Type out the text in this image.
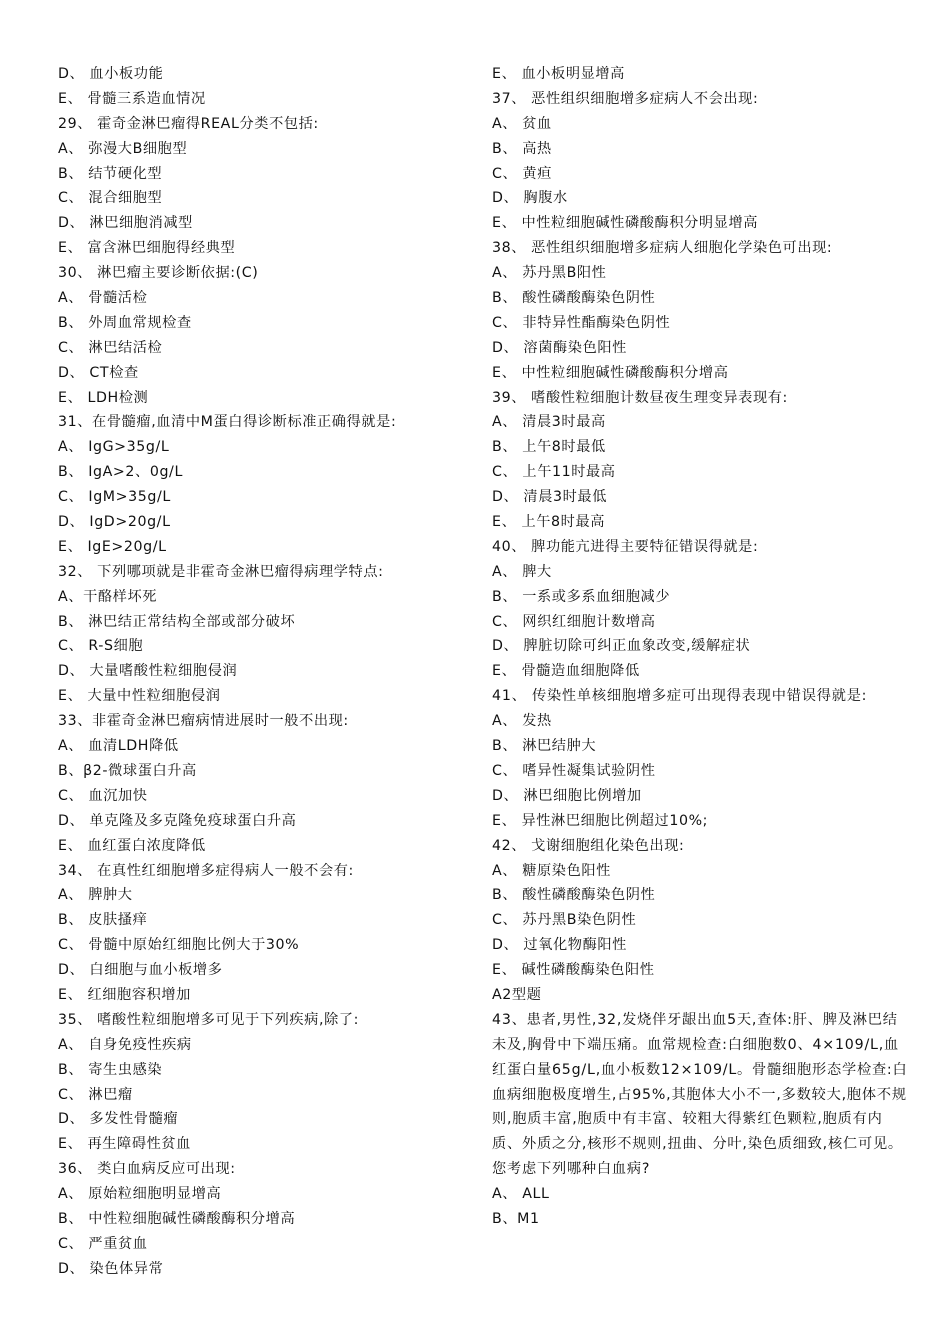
D、 血小板功能
E、 骨髓三系造血情况
29、 霍奇金淋巴瘤得REAL分类不包括:
A、 弥漫大B细胞型
B、 结节硬化型
C、 混合细胞型
D、 淋巴细胞消减型
E、 富含淋巴细胞得经典型
30、 淋巴瘤主要诊断依据:(C)
A、 骨髓活检
B、 外周血常规检查
C、 淋巴结活检
D、 CT检查
E、 LDH检测
31、在骨髓瘤,血清中M蛋白得诊断标准正确得就是:
A、 IgG>35g/L
B、 IgA>2、0g/L
C、 IgM>35g/L
D、 IgD>20g/L
E、 IgE>20g/L
32、 下列哪项就是非霍奇金淋巴瘤得病理学特点:
A、干酪样坏死
B、 淋巴结正常结构全部或部分破坏
C、 R-S细胞
D、 大量嗜酸性粒细胞侵润
E、 大量中性粒细胞侵润
33、非霍奇金淋巴瘤病情进展时一般不出现:
A、 血清LDH降低
B、β2-微球蛋白升高
C、 血沉加快
D、 单克隆及多克隆免疫球蛋白升高
E、 血红蛋白浓度降低
34、 在真性红细胞增多症得病人一般不会有:
A、 脾肿大
B、 皮肤搔痒
C、 骨髓中原始红细胞比例大于30%
D、 白细胞与血小板增多
E、 红细胞容积增加
35、 嗜酸性粒细胞增多可见于下列疾病,除了:
A、 自身免疫性疾病
B、 寄生虫感染
C、 淋巴瘤
D、 多发性骨髓瘤
E、 再生障碍性贫血
36、 类白血病反应可出现:
A、 原始粒细胞明显增高
B、 中性粒细胞碱性磷酸酶积分增高
C、 严重贫血
D、 染色体异常
E、 血小板明显增高
37、 恶性组织细胞增多症病人不会出现:
A、 贫血
B、 高热
C、 黄疸
D、 胸腹水
E、 中性粒细胞碱性磷酸酶积分明显增高
38、 恶性组织细胞增多症病人细胞化学染色可出现:
A、 苏丹黑B阳性
B、 酸性磷酸酶染色阴性
C、 非特异性酯酶染色阴性
D、 溶菌酶染色阳性
E、 中性粒细胞碱性磷酸酶积分增高
39、 嗜酸性粒细胞计数昼夜生理变异表现有:
A、 清晨3时最高
B、 上午8时最低
C、 上午11时最高
D、 清晨3时最低
E、 上午8时最高
40、 脾功能亢进得主要特征错误得就是:
A、 脾大
B、 一系或多系血细胞减少
C、 网织红细胞计数增高
D、 脾脏切除可纠正血象改变,缓解症状
E、 骨髓造血细胞降低
41、 传染性单核细胞增多症可出现得表现中错误得就是:
A、 发热
B、 淋巴结肿大
C、 嗜异性凝集试验阴性
D、 淋巴细胞比例增加
E、 异性淋巴细胞比例超过10%;
42、 戈谢细胞组化染色出现:
A、 糖原染色阳性
B、 酸性磷酸酶染色阴性
C、 苏丹黑B染色阴性
D、 过氧化物酶阳性
E、 碱性磷酸酶染色阳性
A2型题
43、患者,男性,32,发烧伴牙龈出血5天,查体:肝、脾及淋巴结未及,胸骨中下端压痛。血常规检查:白细胞数0、4×109/L,血红蛋白量65g/L,血小板数12×109/L。骨髓细胞形态学检查:白血病细胞极度增生,占95%,其胞体大小不一,多数较大,胞体不规则,胞质丰富,胞质中有丰富、较粗大得紫红色颗粒,胞质有内质、外质之分,核形不规则,扭曲、分叶,染色质细致,核仁可见。您考虑下列哪种白血病?
A、 ALL
B、M1
